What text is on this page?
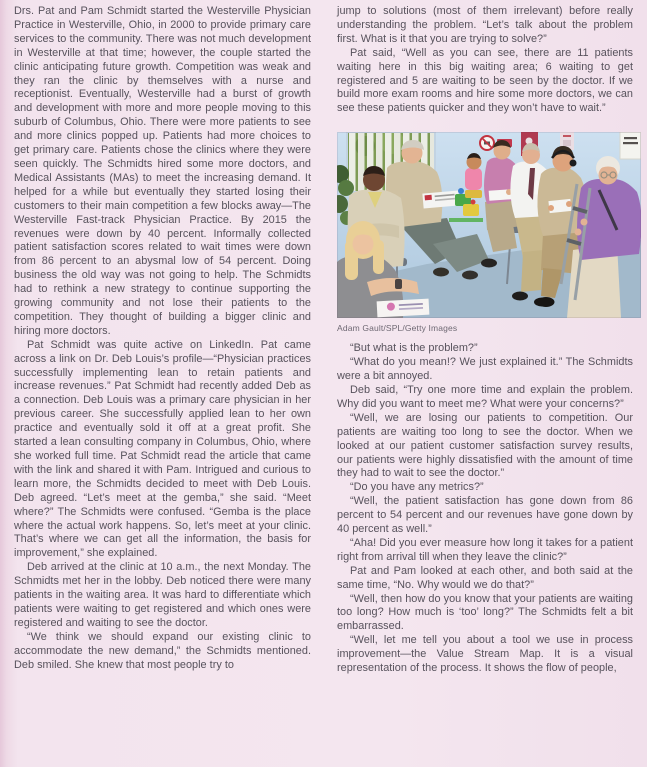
Drs. Pat and Pam Schmidt started the Westerville Physician Practice in Westerville, Ohio, in 2000 to provide primary care services to the community. There was not much development in Westerville at that time; however, the couple started the clinic anticipating future growth. Competition was weak and they ran the clinic by themselves with a nurse and receptionist. Eventually, Westerville had a burst of growth and development with more and more people moving to this suburb of Columbus, Ohio. There were more patients to see and more clinics popped up. Patients had more choices to get primary care. Patients chose the clinics where they were seen quickly. The Schmidts hired some more doctors, and Medical Assistants (MAs) to meet the increasing demand. It helped for a while but eventually they started losing their customers to their main competition a few blocks away—The Westerville Fast-track Physician Practice. By 2015 the revenues were down by 40 percent. Informally collected patient satisfaction scores related to wait times were down from 86 percent to an abysmal low of 54 percent. Doing business the old way was not going to help. The Schmidts had to rethink a new strategy to continue supporting the growing community and not lose their patients to the competition. They thought of building a bigger clinic and hiring more doctors.

Pat Schmidt was quite active on LinkedIn. Pat came across a link on Dr. Deb Louis’s profile—“Physician practices successfully implementing lean to retain patients and increase revenues.” Pat Schmidt had recently added Deb as a connection. Deb Louis was a primary care physician in her previous career. She successfully applied lean to her own practice and eventually sold it off at a great profit. She started a lean consulting company in Columbus, Ohio, where she worked full time. Pat Schmidt read the article that came with the link and shared it with Pam. Intrigued and curious to learn more, the Schmidts decided to meet with Deb Louis. Deb agreed. “Let’s meet at the gemba,” she said. “Meet where?” The Schmidts were confused. “Gemba is the place where the actual work happens. So, let’s meet at your clinic. That’s where we can get all the information, the basis for improvement,” she explained.

Deb arrived at the clinic at 10 a.m., the next Monday. The Schmidts met her in the lobby. Deb noticed there were many patients in the waiting area. It was hard to differentiate which patients were waiting to get registered and which ones were registered and waiting to see the doctor.

“We think we should expand our existing clinic to accommodate the new demand,” the Schmidts mentioned. Deb smiled. She knew that most people try to

jump to solutions (most of them irrelevant) before really understanding the problem. “Let’s talk about the problem first. What is it that you are trying to solve?”

Pat said, “Well as you can see, there are 11 patients waiting here in this big waiting area; 6 waiting to get registered and 5 are waiting to be seen by the doctor. If we build more exam rooms and hire some more doctors, we can see these patients quicker and they won’t have to wait.”

Adam Gault/SPL/Getty Images

“But what is the problem?”

“What do you mean!? We just explained it.” The Schmidts were a bit annoyed.

Deb said, “Try one more time and explain the problem. Why did you want to meet me? What were your concerns?”

“Well, we are losing our patients to competition. Our patients are waiting too long to see the doctor. When we looked at our patient customer satisfaction survey results, our patients were highly dissatisfied with the amount of time they had to wait to see the doctor.”

“Do you have any metrics?”

“Well, the patient satisfaction has gone down from 86 percent to 54 percent and our revenues have gone down by 40 percent as well.”

“Aha! Did you ever measure how long it takes for a patient right from arrival till when they leave the clinic?”

Pat and Pam looked at each other, and both said at the same time, “No. Why would we do that?”

“Well, then how do you know that your patients are waiting too long? How much is ‘too’ long?” The Schmidts felt a bit embarrassed.

“Well, let me tell you about a tool we use in process improvement—the Value Stream Map. It is a visual representation of the process. It shows the flow of people,
